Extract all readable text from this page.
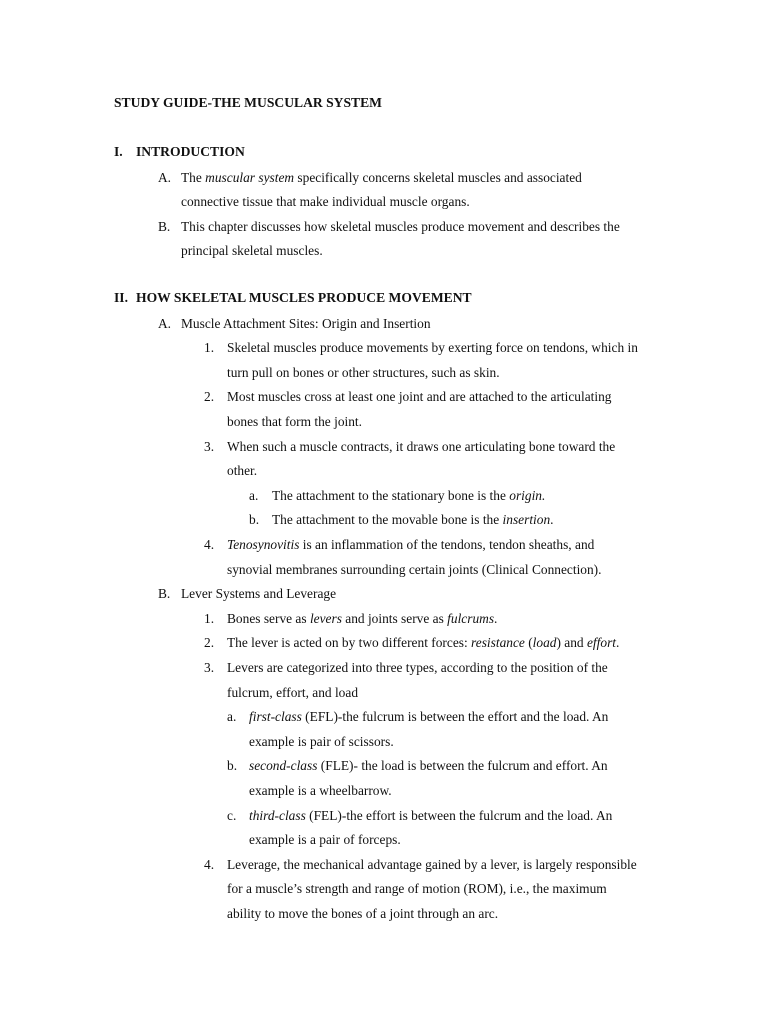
STUDY GUIDE-THE MUSCULAR SYSTEM
I. INTRODUCTION
A. The muscular system specifically concerns skeletal muscles and associated
connective tissue that make individual muscle organs.
B. This chapter discusses how skeletal muscles produce movement and describes the
principal skeletal muscles.
II. HOW SKELETAL MUSCLES PRODUCE MOVEMENT
A. Muscle Attachment Sites: Origin and Insertion
1. Skeletal muscles produce movements by exerting force on tendons, which in
turn pull on bones or other structures, such as skin.
2. Most muscles cross at least one joint and are attached to the articulating
bones that form the joint.
3. When such a muscle contracts, it draws one articulating bone toward the
other.
a. The attachment to the stationary bone is the origin.
b. The attachment to the movable bone is the insertion.
4. Tenosynovitis is an inflammation of the tendons, tendon sheaths, and
synovial membranes surrounding certain joints (Clinical Connection).
B. Lever Systems and Leverage
1. Bones serve as levers and joints serve as fulcrums.
2. The lever is acted on by two different forces: resistance (load) and effort.
3. Levers are categorized into three types, according to the position of the
fulcrum, effort, and load
a. first-class (EFL)-the fulcrum is between the effort and the load. An
example is pair of scissors.
b. second-class (FLE)- the load is between the fulcrum and effort. An
example is a wheelbarrow.
c. third-class (FEL)-the effort is between the fulcrum and the load. An
example is a pair of forceps.
4. Leverage, the mechanical advantage gained by a lever, is largely responsible
for a muscle’s strength and range of motion (ROM), i.e., the maximum
ability to move the bones of a joint through an arc.
